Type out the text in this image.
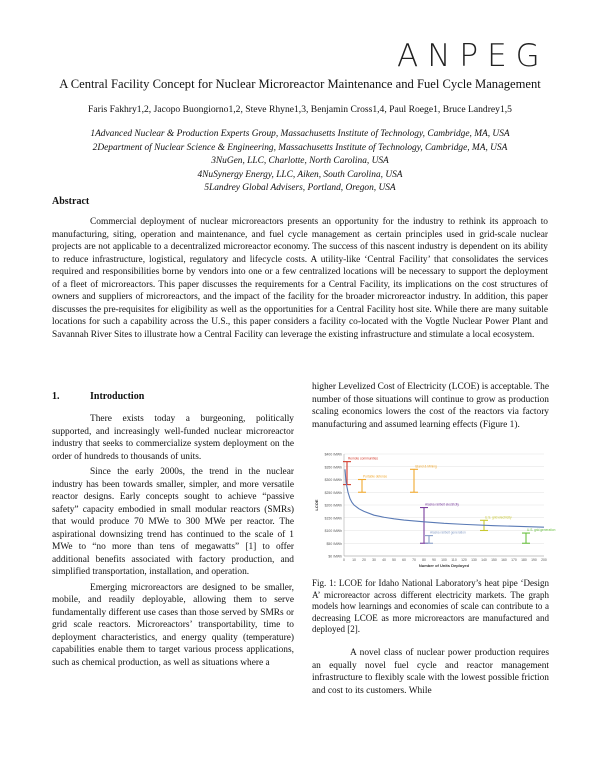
ANPEG
A Central Facility Concept for Nuclear Microreactor Maintenance and Fuel Cycle Management
Faris Fakhry1,2, Jacopo Buongiorno1,2, Steve Rhyne1,3, Benjamin Cross1,4, Paul Roege1, Bruce Landrey1,5
1Advanced Nuclear & Production Experts Group, Massachusetts Institute of Technology, Cambridge, MA, USA
2Department of Nuclear Science & Engineering, Massachusetts Institute of Technology, Cambridge, MA, USA
3NuGen, LLC, Charlotte, North Carolina, USA
4NuSynergy Energy, LLC, Aiken, South Carolina, USA
5Landrey Global Advisers, Portland, Oregon, USA
Abstract

Commercial deployment of nuclear microreactors presents an opportunity for the industry to rethink its approach to manufacturing, siting, operation and maintenance, and fuel cycle management as certain principles used in grid-scale nuclear projects are not applicable to a decentralized microreactor economy. The success of this nascent industry is dependent on its ability to reduce infrastructure, logistical, regulatory and lifecycle costs. A utility-like ‘Central Facility’ that consolidates the services required and responsibilities borne by vendors into one or a few centralized locations will be necessary to support the deployment of a fleet of microreactors. This paper discusses the requirements for a Central Facility, its implications on the cost structures of owners and suppliers of microreactors, and the impact of the facility for the broader microreactor industry. In addition, this paper discusses the pre-requisites for eligibility as well as the opportunities for a Central Facility host site. While there are many suitable locations for such a capability across the U.S., this paper considers a facility co-located with the Vogtle Nuclear Power Plant and Savannah River Sites to illustrate how a Central Facility can leverage the existing infrastructure and stimulate a local ecosystem.

1.	Introduction

There exists today a burgeoning, politically supported, and increasingly well-funded nuclear microreactor industry that seeks to commercialize system deployment on the order of hundreds to thousands of units.

Since the early 2000s, the trend in the nuclear industry has been towards smaller, simpler, and more versatile reactor designs. Early concepts sought to achieve “passive safety” capacity embodied in small modular reactors (SMRs) that would produce 70 MWe to 300 MWe per reactor. The aspirational downsizing trend has continued to the scale of 1 MWe to “no more than tens of megawatts” [1] to offer additional benefits associated with factory production, and simplified transportation, installation, and operation.

Emerging microreactors are designed to be smaller, mobile, and readily deployable, allowing them to serve fundamentally different use cases than those served by SMRs or grid scale reactors. Microreactors’ transportability, time to deployment characteristics, and energy quality (temperature) capabilities enable them to target various process applications, such as chemical production, as well as situations where a

higher Levelized Cost of Electricity (LCOE) is acceptable. The number of those situations will continue to grow as production scaling economics lowers the cost of the reactors via factory manufacturing and assumed learning effects (Figure 1).

$0 /MWh
$50 /MWh
$100 /MWh
$150 /MWh
$200 /MWh
$250 /MWh
$300 /MWh
$350 /MWh
$400 /MWh
0 10 20 30 40 50 60 70 80 90 100 110 120 130 140 150 160 170 180 190 200
Number of Units Deployed
LCOE
Remote communities
Portable defense
Island & Mining
Alaska railbelt electricity
U.S. grid electricity
U.S. grid generation
Alaska railbelt generation
Fig. 1: LCOE for Idaho National Laboratory’s heat pipe ‘Design A’ microreactor across different electricity markets. The graph models how learnings and economies of scale can contribute to a decreasing LCOE as more microreactors are manufactured and deployed [2].

A novel class of nuclear power production requires an equally novel fuel cycle and reactor management infrastructure to flexibly scale with the lowest possible friction and cost to its customers. While
